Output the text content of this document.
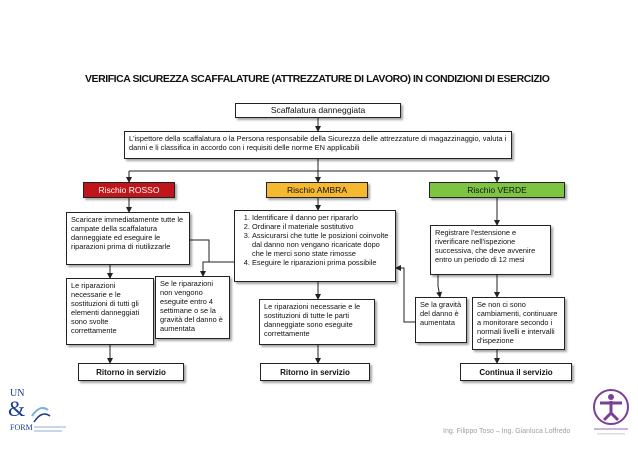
VERIFICA SICUREZZA SCAFFALATURE (ATTREZZATURE DI LAVORO) IN CONDIZIONI DI ESERCIZIO
Scaffalatura danneggiata
L'ispettore della scaffalatura o la Persona responsabile della Sicurezza delle attrezzature di magazzinaggio, valuta i danni e li classifica in accordo con i requisiti delle norme EN applicabili
Rischio
ROSSO	Rischio AMBRA	Rischio
VERDE
Scaricare immediatamente tutte le campate della scaffalatura danneggiate ed eseguire le riparazioni prima di riutilizzarle
Le riparazioni necessarie e le sostituzioni di tutti gli elementi danneggiati sono svolte correttamente
Se le riparazioni non vengono eseguite entro 4 settimane o se la gravità del danno è aumentata
Ritorno in servizio
1. Identificare il danno per ripararlo
2. Ordinare il materiale sostitutivo
3. Assicurarsi che tutte le posizioni coinvolte dal danno non vengano ricaricate dopo che le merci sono state rimosse
4. Eseguire le riparazioni prima possibile
Le riparazioni necessarie e le sostituzioni di tutte le parti danneggiate sono eseguite correttamente
Ritorno in servizio
Registrare l'estensione e riverificare nell'ispezione successiva, che deve avvenire entro un periodo di 12 mesi
Se la gravità del danno è aumentata
Se non ci sono cambiamenti, continuare a monitorare secondo i normali livelli e intervalli d'ispezione
Continua il servizio
UN
&
FORM	Ing. Filippo Toso – Ing. Gianluca Loffredo
